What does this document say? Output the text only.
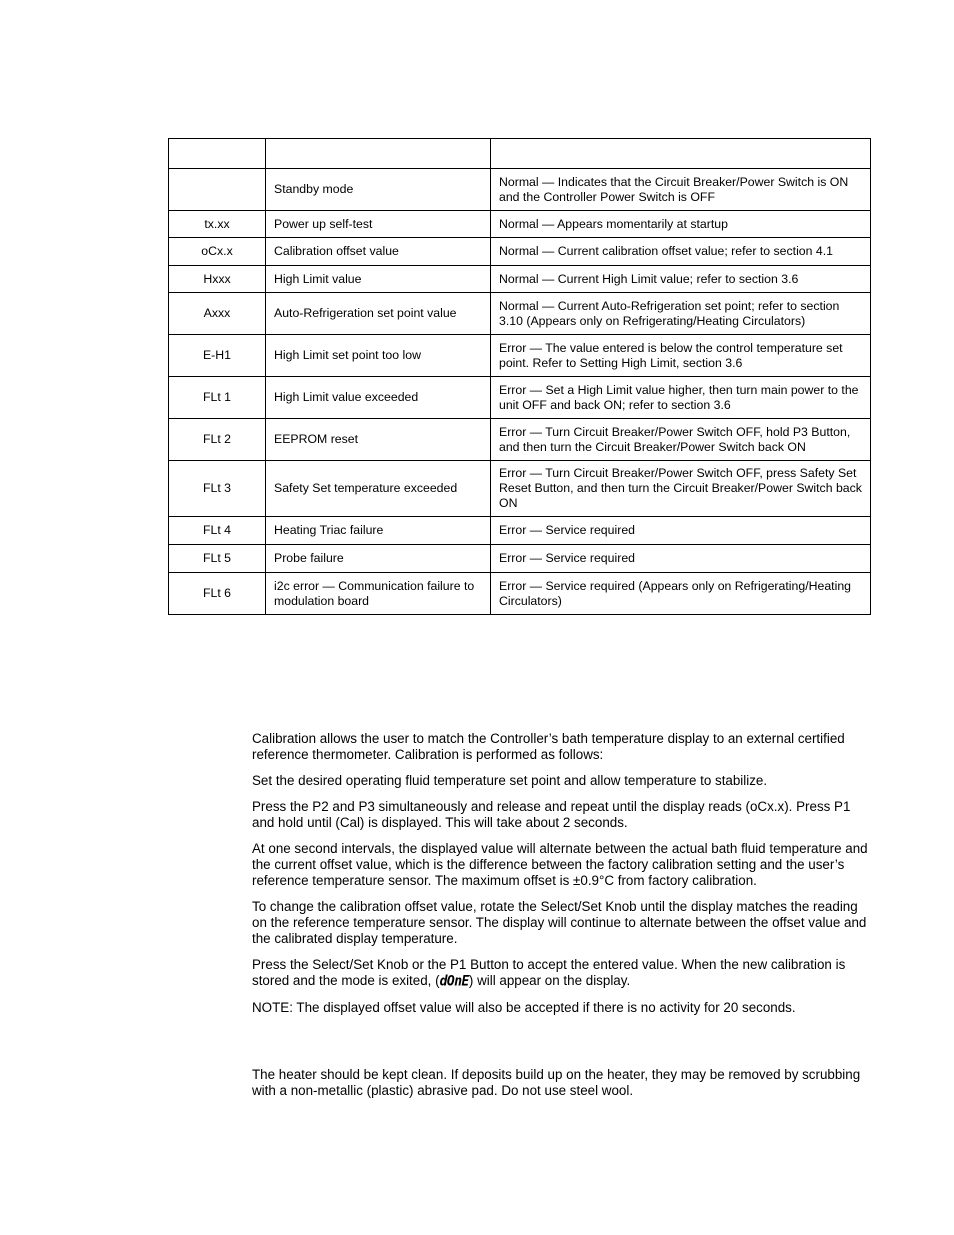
	Standby mode	Normal — Indicates that the Circuit Breaker/Power Switch is ON and the Controller Power Switch is OFF
tx.xx	Power up self-test	Normal — Appears momentarily at startup
oCx.x	Calibration offset value	Normal — Current calibration offset value; refer to section 4.1
Hxxx	High Limit value	Normal — Current High Limit value; refer to section 3.6
Axxx	Auto-Refrigeration set point value	Normal — Current Auto-Refrigeration set point; refer to section 3.10 (Appears only on Refrigerating/Heating Circulators)
E-H1	High Limit set point too low	Error — The value entered is below the control temperature set point. Refer to Setting High Limit, section 3.6
FLt 1	High Limit value exceeded	Error — Set a High Limit value higher, then turn main power to the unit OFF and back ON; refer to section 3.6
FLt 2	EEPROM reset	Error — Turn Circuit Breaker/Power Switch OFF, hold P3 Button, and then turn the Circuit Breaker/Power Switch back ON
FLt 3	Safety Set temperature exceeded	Error — Turn Circuit Breaker/Power Switch OFF, press Safety Set Reset Button, and then turn the Circuit Breaker/Power Switch back ON
FLt 4	Heating Triac failure	Error — Service required
FLt 5	Probe failure	Error — Service required
FLt 6	i2c error — Communication failure to modulation board	Error — Service required (Appears only on Refrigerating/Heating Circulators)

Calibration allows the user to match the Controller’s bath temperature display to an external certified reference thermometer. Calibration is performed as follows:

Set the desired operating fluid temperature set point and allow temperature to stabilize.

Press the P2 and P3 simultaneously and release and repeat until the display reads (oCx.x). Press P1 and hold until (Cal) is displayed. This will take about 2 seconds.

At one second intervals, the displayed value will alternate between the actual bath fluid temperature and the current offset value, which is the difference between the factory calibration setting and the user’s reference temperature sensor. The maximum offset is ±0.9°C from factory calibration.

To change the calibration offset value, rotate the Select/Set Knob until the display matches the reading on the reference temperature sensor. The display will continue to alternate between the offset value and the calibrated display temperature.

Press the Select/Set Knob or the P1 Button to accept the entered value. When the new calibration is stored and the mode is exited, (dOnE) will appear on the display.

NOTE: The displayed offset value will also be accepted if there is no activity for 20 seconds.

The heater should be kept clean. If deposits build up on the heater, they may be removed by scrubbing with a non-metallic (plastic) abrasive pad. Do not use steel wool.
